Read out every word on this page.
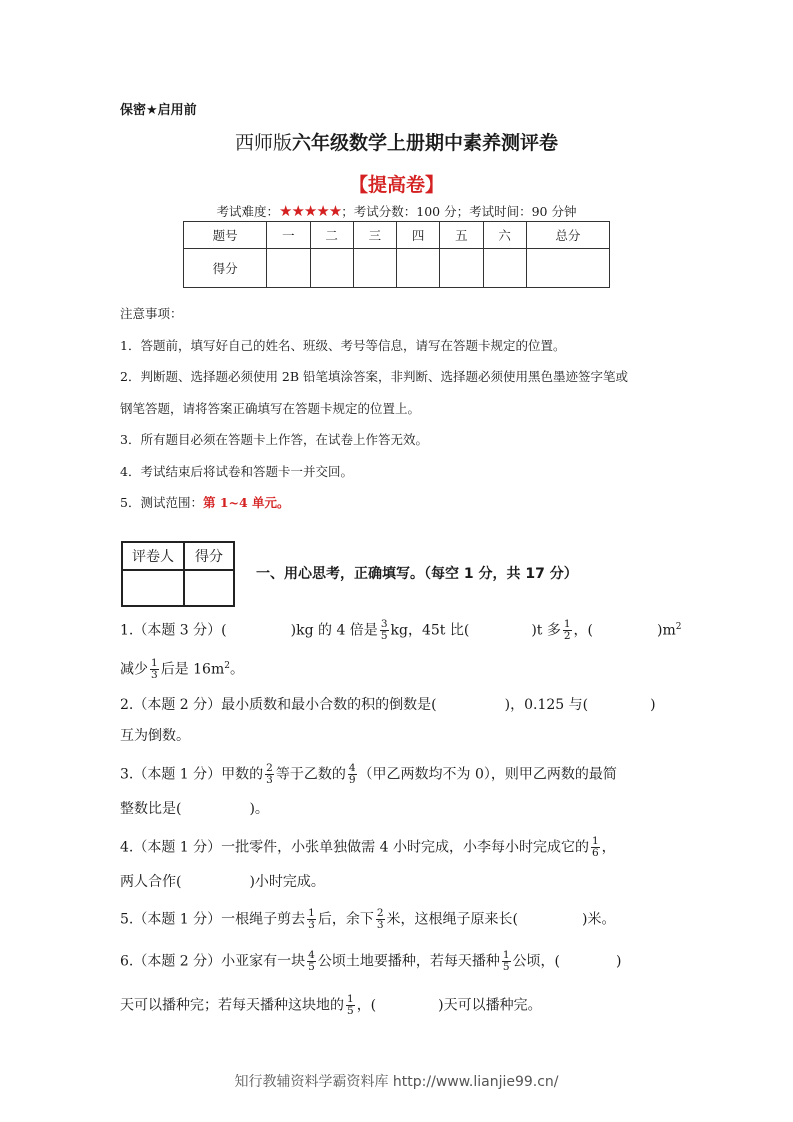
保密★启用前
西师版六年级数学上册期中素养测评卷
【提高卷】
考试难度：★★★★★；考试分数：100 分；考试时间：90 分钟
题号	一	二	三	四	五	六	总分
得分							

注意事项：

1．答题前，填写好自己的姓名、班级、考号等信息，请写在答题卡规定的位置。

2．判断题、选择题必须使用 2B 铅笔填涂答案，非判断、选择题必须使用黑色墨迹签字笔或

钢笔答题，请将答案正确填写在答题卡规定的位置上。

3．所有题目必须在答题卡上作答，在试卷上作答无效。

4．考试结束后将试卷和答题卡一并交回。

5．测试范围：第 1~4 单元。

评卷人	得分

一、用心思考，正确填写。（每空 1 分，共 17 分）
1.（本题 3 分）(	)kg 的 4 倍是 $\frac{3}{5}$ kg，45t 比(	)t 多 $\frac{1}{2}$ ，(	)$m^2$
减少 $\frac{1}{3}$ 后是 $16m^2$。
2.（本题 2 分）最小质数和最小合数的积的倒数是(	)，0.125 与(	)
互为倒数。
3.（本题 1 分）甲数的 $\frac{2}{3}$ 等于乙数的 $\frac{4}{9}$ （甲乙两数均不为 0），则甲乙两数的最简
整数比是(	)。
4.（本题 1 分）一批零件，小张单独做需 4 小时完成，小李每小时完成它的 $\frac{1}{6}$ ，
两人合作(	)小时完成。
5.（本题 1 分）一根绳子剪去 $\frac{1}{3}$ 后，余下 $\frac{2}{3}$ 米，这根绳子原来长(	)米。
6.（本题 2 分）小亚家有一块 $\frac{4}{5}$ 公顷土地要播种，若每天播种 $\frac{1}{5}$ 公顷，(	)
天可以播种完；若每天播种这块地的 $\frac{1}{5}$ ，(	)天可以播种完。
知行教辅资料学霸资料库 http://www.lianjie99.cn/
